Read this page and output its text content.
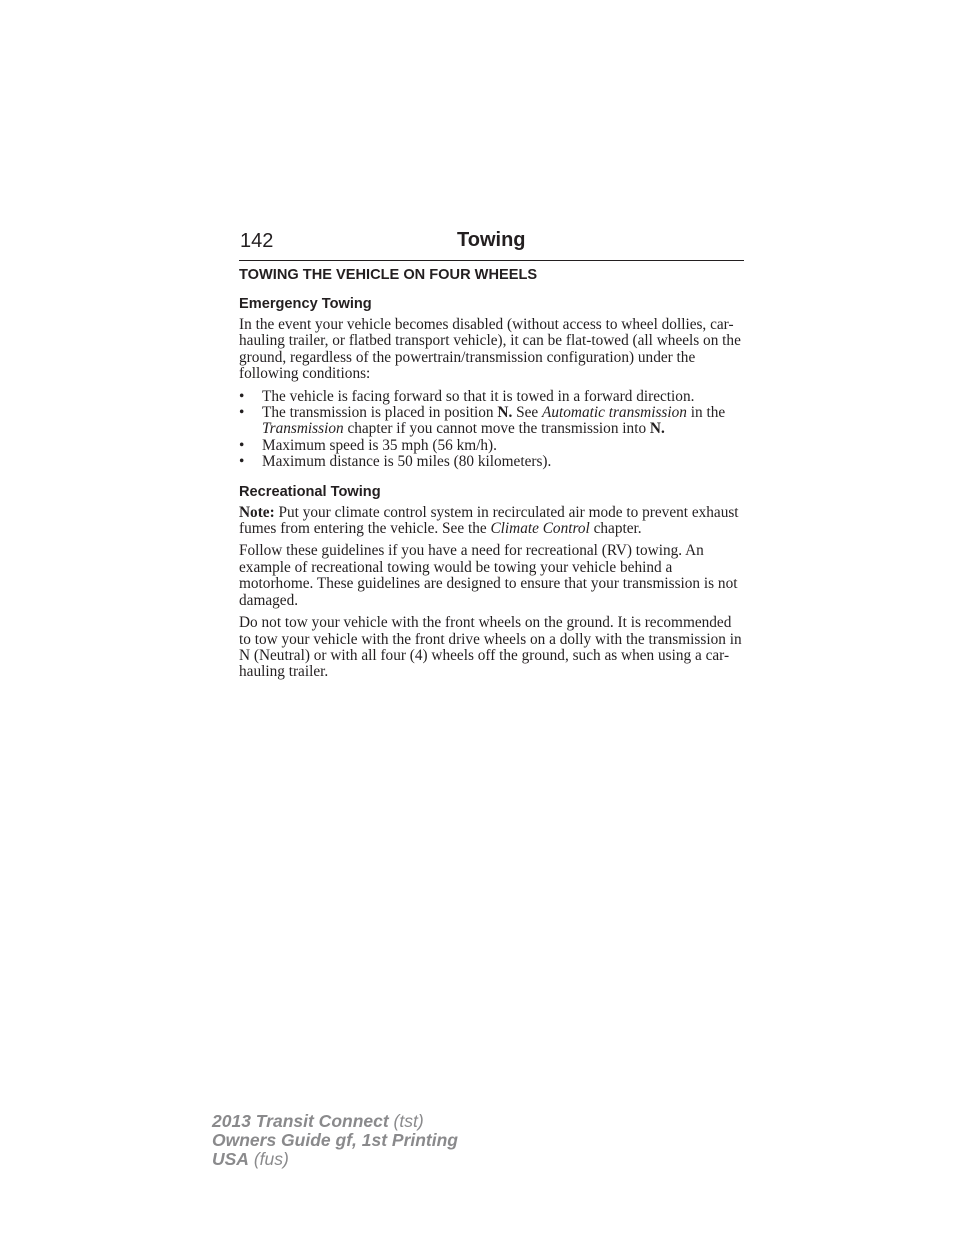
142	Towing
TOWING THE VEHICLE ON FOUR WHEELS
Emergency Towing

In the event your vehicle becomes disabled (without access to wheel dollies, car-hauling trailer, or flatbed transport vehicle), it can be flat-towed (all wheels on the ground, regardless of the powertrain/transmission configuration) under the following conditions:

• The vehicle is facing forward so that it is towed in a forward direction.
• The transmission is placed in position N. See Automatic transmission in the Transmission chapter if you cannot move the transmission into N.
• Maximum speed is 35 mph (56 km/h).
• Maximum distance is 50 miles (80 kilometers).
Recreational Towing

Note: Put your climate control system in recirculated air mode to prevent exhaust fumes from entering the vehicle. See the Climate Control chapter.

Follow these guidelines if you have a need for recreational (RV) towing. An example of recreational towing would be towing your vehicle behind a motorhome. These guidelines are designed to ensure that your transmission is not damaged.

Do not tow your vehicle with the front wheels on the ground. It is recommended to tow your vehicle with the front drive wheels on a dolly with the transmission in N (Neutral) or with all four (4) wheels off the ground, such as when using a car-hauling trailer.

2013 Transit Connect (tst)
Owners Guide gf, 1st Printing
USA (fus)
